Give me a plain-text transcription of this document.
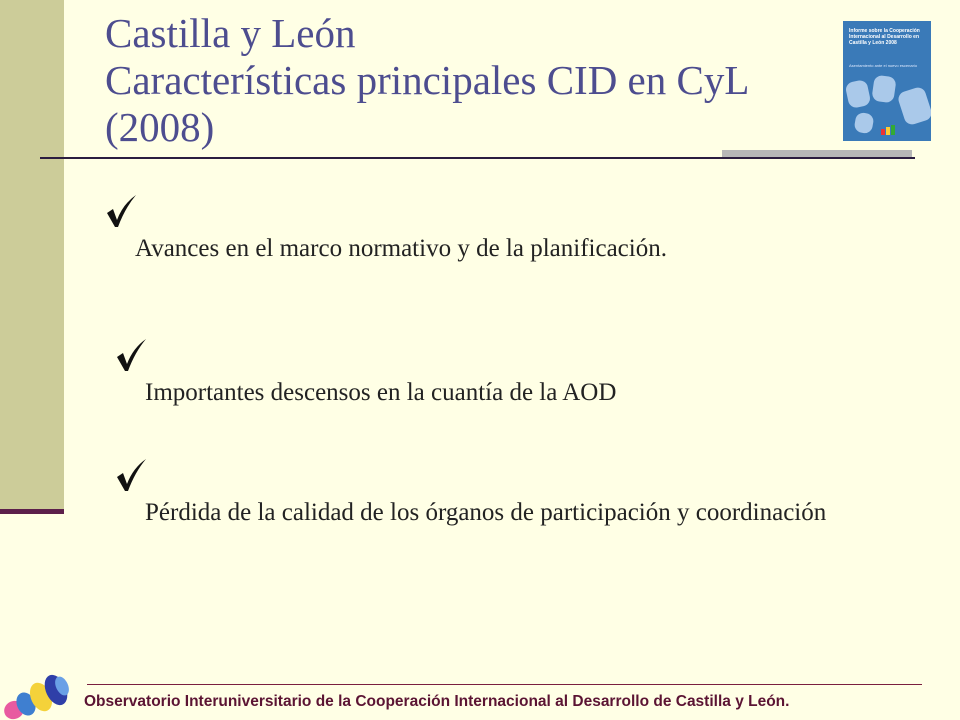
Castilla y León
Características principales CID en CyL
(2008)
Informe sobre la Cooperación Internacional al Desarrollo en Castilla y León 2008
Asentamiento ante el nuevo escenario
Avances en el marco normativo y de la planificación.
Importantes descensos en la cuantía de la AOD
Pérdida de la calidad de los órganos de participación y coordinación
Observatorio Interuniversitario de la Cooperación Internacional al Desarrollo de Castilla y León.
